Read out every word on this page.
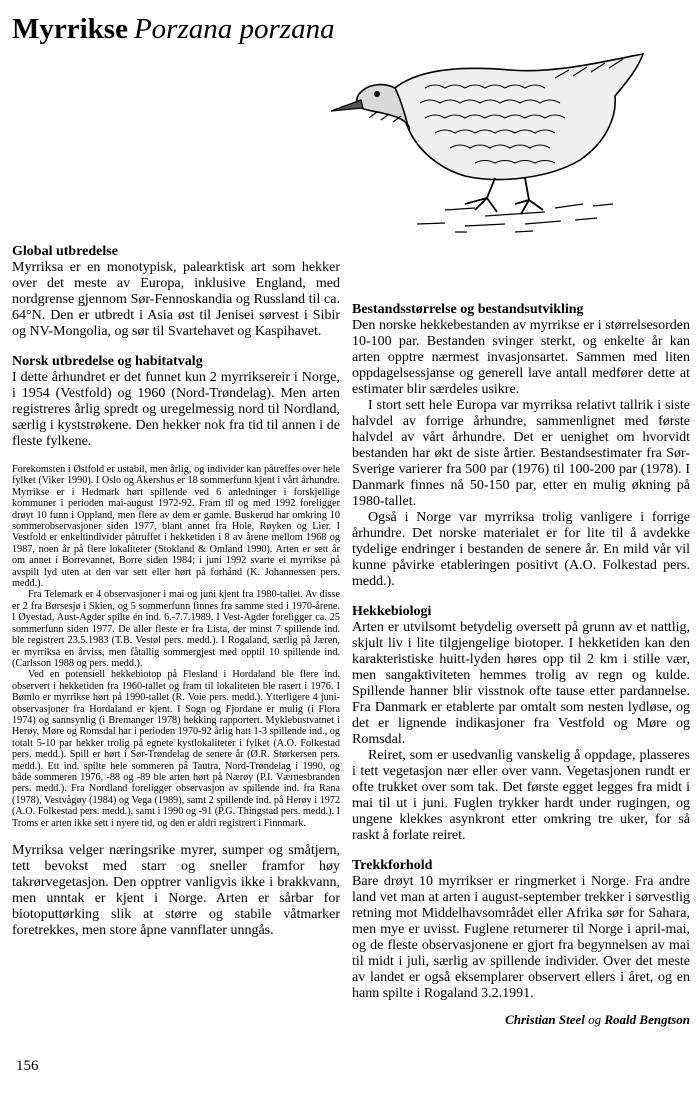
Myrrikse Porzana porzana
Global utbredelse

Myrriksa er en monotypisk, palearktisk art som hekker over det meste av Europa, inklusive England, med nordgrense gjennom Sør-Fennoskandia og Russland til ca. 64°N. Den er utbredt i Asia øst til Jenisei sørvest i Sibir og NV-Mongolia, og sør til Svartehavet og Kaspihavet.

Norsk utbredelse og habitatvalg

I dette århundret er det funnet kun 2 myrriksereir i Norge, i 1954 (Vestfold) og 1960 (Nord-Trøndelag). Men arten registreres årlig spredt og uregelmessig nord til Nordland, særlig i kyststrøkene. Den hekker nok fra tid til annen i de fleste fylkene.

Forekomsten i Østfold er ustabil, men årlig, og individer kan påtreffes over hele fylket (Viker 1990). I Oslo og Akershus er 18 sommerfunn kjent i vårt århundre. Myrrikse er i Hedmark hørt spillende ved 6 anledninger i forskjellige kommuner i perioden mai-august 1972-92. Fram til og med 1992 foreligger drøyt 10 funn i Oppland, men flere av dem er gamle. Buskerud har omkring 10 sommerobservasjoner siden 1977, blant annet fra Hole, Røyken og Lier. I Vestfold er enkeltindivider påtruffet i hekketiden i 8 av årene mellom 1968 og 1987, noen år på flere lokaliteter (Stokland & Omland 1990). Arten er sett år om annet i Borrevannet, Borre siden 1984; i juni 1992 svarte ei myrrikse på avspilt lyd uten at den var sett eller hørt på forhånd (K. Johannessen pers. medd.).

Fra Telemark er 4 observasjoner i mai og juni kjent fra 1980-tallet. Av disse er 2 fra Børsesjø i Skien, og 5 sommerfunn finnes fra samme sted i 1970-årene. I Øyestad, Aust-Agder spilte én ind. 6.-7.7.1989. I Vest-Agder foreligger ca. 25 sommerfunn siden 1977. De aller fleste er fra Lista, der minst 7 spillende ind. ble registrert 23.5.1983 (T.B. Vestøl pers. medd.). I Rogaland, særlig på Jæren, er myrriksa en årviss, men fåtallig sommergjest med opptil 10 spillende ind. (Carlsson 1988 og pers. medd.).

Ved en potensiell hekkebiotop på Flesland i Hordaland ble flere ind. observert i hekketiden fra 1960-tallet og fram til lokaliteten ble rasert i 1976. I Bømlo er myrrikse hørt på 1990-tallet (R. Voie pers. medd.). Ytterligere 4 juni-observasjoner fra Hordaland er kjent. I Sogn og Fjordane er mulig (i Flora 1974) og sannsynlig (i Bremanger 1978) hekking rapportert. Myklebustvatnet i Herøy, Møre og Romsdal har i perioden 1970-92 årlig hatt 1-3 spillende ind., og totalt 5-10 par hekker trolig på egnete kystlokaliteter i fylket (A.O. Folkestad pers. medd.). Spill er hørt i Sør-Trøndelag de senere år (Ø.R. Størkersen pers. medd.). Ett ind. spilte hele sommeren på Tautra, Nord-Trøndelag i 1990, og både sommeren 1976, -88 og -89 ble arten hørt på Nærøy (P.I. Værnesbranden pers. medd.). Fra Nordland foreligger observasjon av spillende ind. fra Rana (1978), Vestvågøy (1984) og Vega (1989), samt 2 spillende ind. på Herøy i 1972 (A.O. Folkestad pers. medd.), samt i 1990 og -91 (P.G. Thingstad pers. medd.). I Troms er arten ikke sett i nyere tid, og den er aldri registrert i Finnmark.

Myrriksa velger næringsrike myrer, sumper og småtjern, tett bevokst med starr og sneller framfor høy takrørvegetasjon. Den opptrer vanligvis ikke i brakkvann, men unntak er kjent i Norge. Arten er sårbar for biotoputtørking slik at større og stabile våtmarker foretrekkes, men store åpne vannflater unngås.

Bestandsstørrelse og bestandsutvikling

Den norske hekkebestanden av myrrikse er i størrelsesorden 10-100 par. Bestanden svinger sterkt, og enkelte år kan arten opptre nærmest invasjonsartet. Sammen med liten oppdagelsessjanse og generell lave antall medfører dette at estimater blir særdeles usikre.

I stort sett hele Europa var myrriksa relativt tallrik i siste halvdel av forrige århundre, sammenlignet med første halvdel av vårt århundre. Det er uenighet om hvorvidt bestanden har økt de siste årtier. Bestandsestimater fra Sør-Sverige varierer fra 500 par (1976) til 100-200 par (1978). I Danmark finnes nå 50-150 par, etter en mulig økning på 1980-tallet.

Også i Norge var myrriksa trolig vanligere i forrige århundre. Det norske materialet er for lite til å avdekke tydelige endringer i bestanden de senere år. En mild vår vil kunne påvirke etableringen positivt (A.O. Folkestad pers. medd.).

Hekkebiologi

Arten er utvilsomt betydelig oversett på grunn av et nattlig, skjult liv i lite tilgjengelige biotoper. I hekketiden kan den karakteristiske huitt-lyden høres opp til 2 km i stille vær, men sangaktiviteten hemmes trolig av regn og kulde. Spillende hanner blir visstnok ofte tause etter pardannelse. Fra Danmark er etablerte par omtalt som nesten lydløse, og det er lignende indikasjoner fra Vestfold og Møre og Romsdal.

Reiret, som er usedvanlig vanskelig å oppdage, plasseres i tett vegetasjon nær eller over vann. Vegetasjonen rundt er ofte trukket over som tak. Det første egget legges fra midt i mai til ut i juni. Fuglen trykker hardt under rugingen, og ungene klekkes asynkront etter omkring tre uker, for så raskt å forlate reiret.

Trekkforhold

Bare drøyt 10 myrrikser er ringmerket i Norge. Fra andre land vet man at arten i august-september trekker i sørvestlig retning mot Middelhavsområdet eller Afrika sør for Sahara, men mye er uvisst. Fuglene returnerer til Norge i april-mai, og de fleste observasjonene er gjort fra begynnelsen av mai til midt i juli, særlig av spillende individer. Over det meste av landet er også eksemplarer observert ellers i året, og en hann spilte i Rogaland 3.2.1991.

Christian Steel og Roald Bengtson
156
